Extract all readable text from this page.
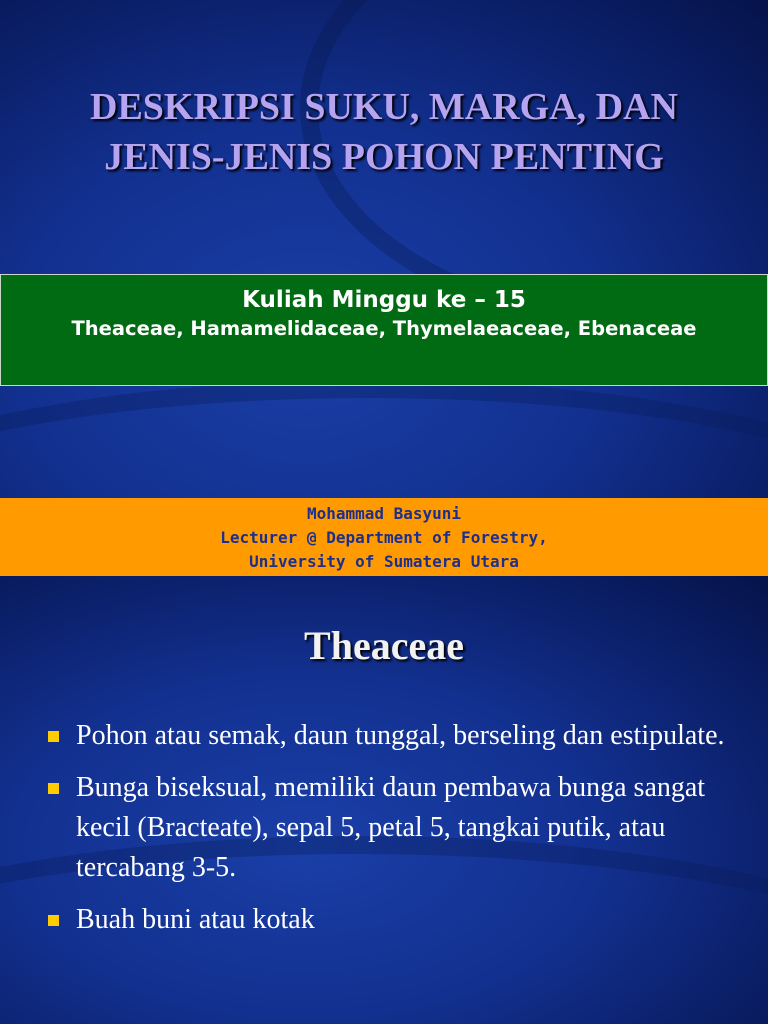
DESKRIPSI SUKU, MARGA, DAN
JENIS-JENIS POHON PENTING
Kuliah Minggu ke – 15
Theaceae, Hamamelidaceae, Thymelaeaceae, Ebenaceae
Mohammad Basyuni
Lecturer @ Department of Forestry,
University of Sumatera Utara
Theaceae
Pohon atau semak, daun tunggal, berseling dan estipulate.
Bunga biseksual, memiliki daun pembawa bunga sangat kecil (Bracteate), sepal 5, petal 5, tangkai putik, atau tercabang 3-5.
Buah buni atau kotak
